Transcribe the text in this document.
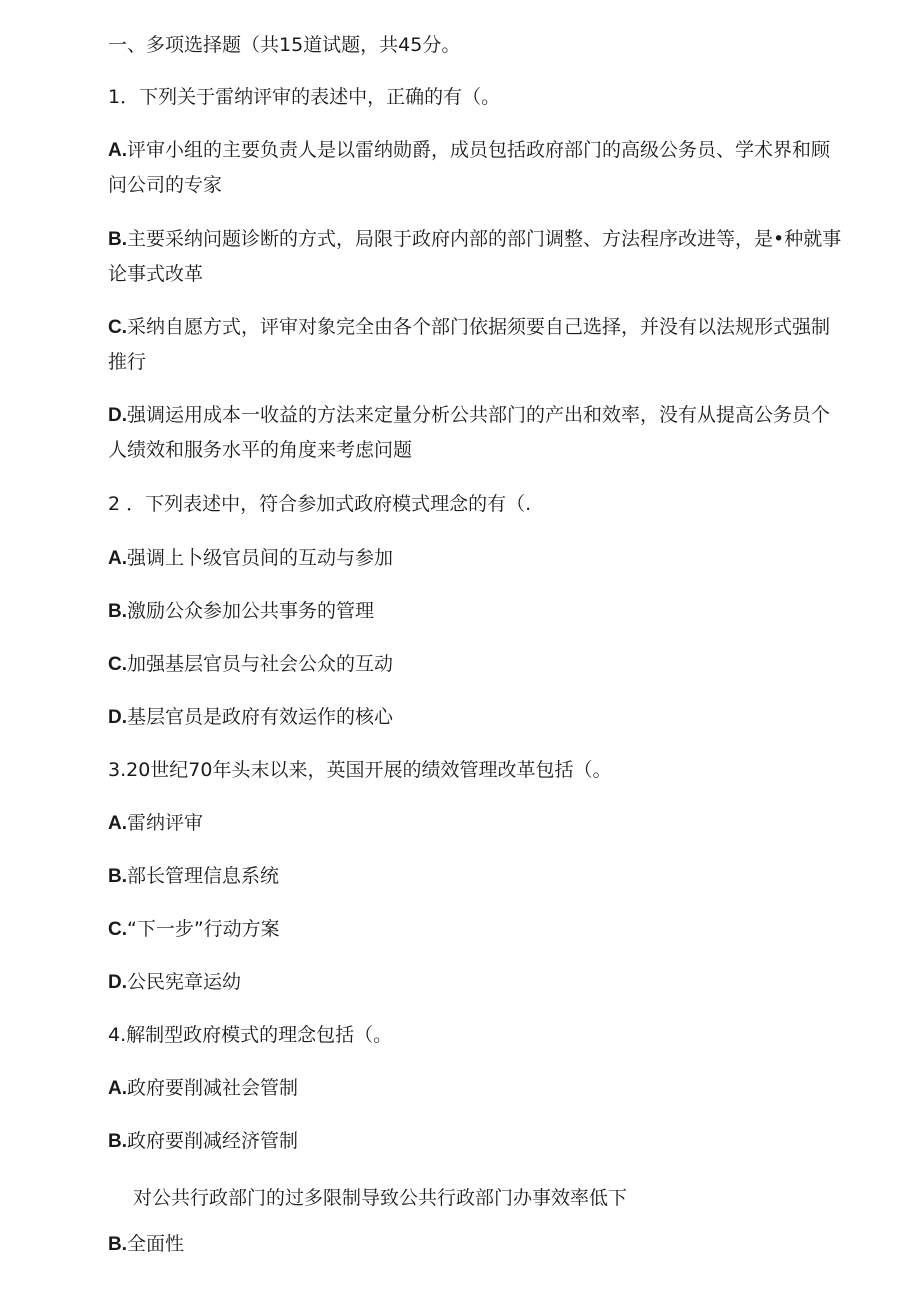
一、多项选择题（共15道试题，共45分。
1．下列关于雷纳评审的表述中，正确的有（。
A.评审小组的主要负责人是以雷纳勋爵，成员包括政府部门的高级公务员、学术界和顾问公司的专家
B.主要采纳问题诊断的方式，局限于政府内部的部门调整、方法程序改进等，是•种就事论事式改革
C.采纳自愿方式，评审对象完全由各个部门依据须要自己选择，并没有以法规形式强制推行
D.强调运用成本一收益的方法来定量分析公共部门的产出和效率，没有从提高公务员个人绩效和服务水平的角度来考虑问题
2 ．下列表述中，符合参加式政府模式理念的有（.
A.强调上卜级官员间的互动与参加
B.激励公众参加公共事务的管理
C.加强基层官员与社会公众的互动
D.基层官员是政府有效运作的核心
3.20世纪70年头末以来，英国开展的绩效管理改革包括（。
A.雷纳评审
B.部长管理信息系统
C.“下一步”行动方案
D.公民宪章运幼
4.解制型政府模式的理念包括（。
A.政府要削减社会管制
B.政府要削减经济管制
对公共行政部门的过多限制导致公共行政部门办事效率低下
B.全面性
